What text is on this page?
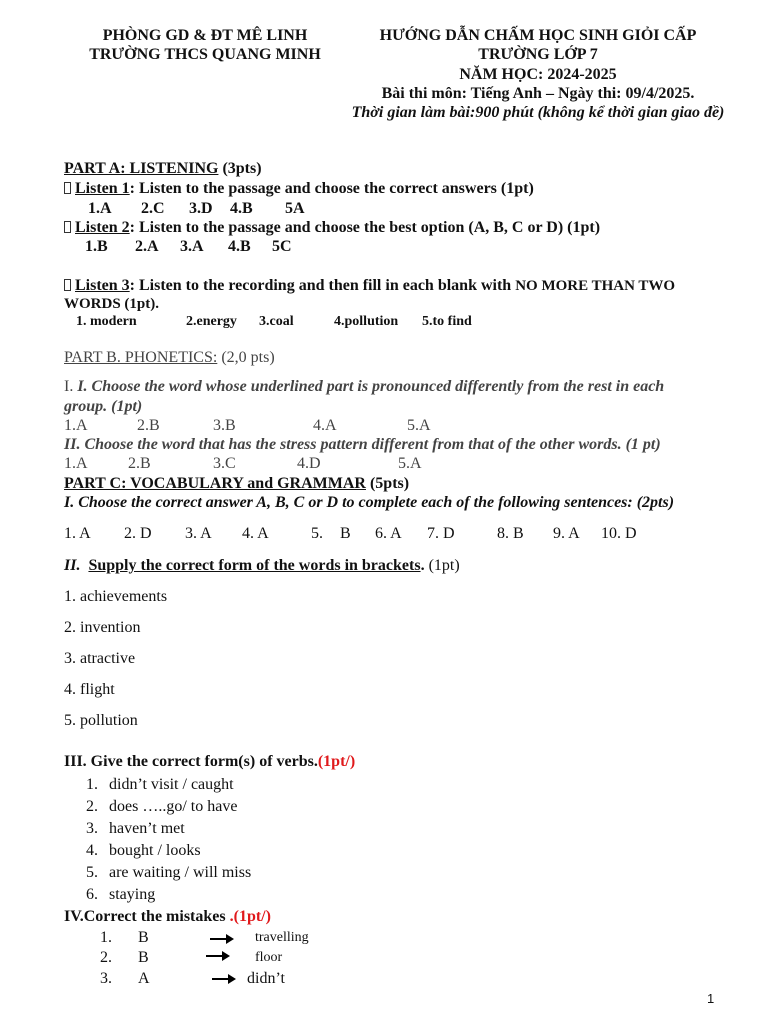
PHÒNG GD & ĐT MÊ LINH
TRƯỜNG THCS QUANG MINH
HƯỚNG DẪN CHẤM HỌC SINH GIỎI CẤP
TRƯỜNG LỚP 7
NĂM HỌC: 2024-2025
Bài thi môn: Tiếng Anh – Ngày thi: 09/4/2025.
Thời gian làm bài:900 phút (không kể thời gian giao đề)
PART A: LISTENING (3pts)
Listen 1: Listen to the passage and choose the correct answers (1pt)
1.A 2.C 3.D 4.B 5A
Listen 2: Listen to the passage and choose the best option (A, B, C or D) (1pt)
1.B 2.A 3.A 4.B 5C
Listen 3: Listen to the recording and then fill in each blank with NO MORE THAN TWO
WORDS (1pt).
1. modern	2.energy 3.coal	4.pollution 5.to find
PART B. PHONETICS: (2,0 pts)
I. I. Choose the word whose underlined part is pronounced differently from the rest in each
group. (1pt)
1.A	2.B	3.B	4.A	5.A
II. Choose the word that has the stress pattern different from that of the other words. (1 pt)
1.A	2.B	3.C	4.D	5.A
PART C: VOCABULARY and GRAMMAR (5pts)
I. Choose the correct answer A, B, C or D to complete each of the following sentences: (2pts)
1. A 2. D 3. A 4. A	5. B 6. A 7. D	8. B 9. A 10. D
II. Supply the correct form of the words in brackets. (1pt)
1. achievements
2. invention
3. atractive
4. flight
5. pollution
III. Give the correct form(s) of verbs.(1pt/)
1. didn’t visit / caught
2. does …..go/ to have
3. haven’t met
4. bought / looks
5. are waiting / will miss
6. staying
IV.Correct the mistakes .(1pt/)
1. B	travelling
2. B	floor
3. A	didn’t
1
